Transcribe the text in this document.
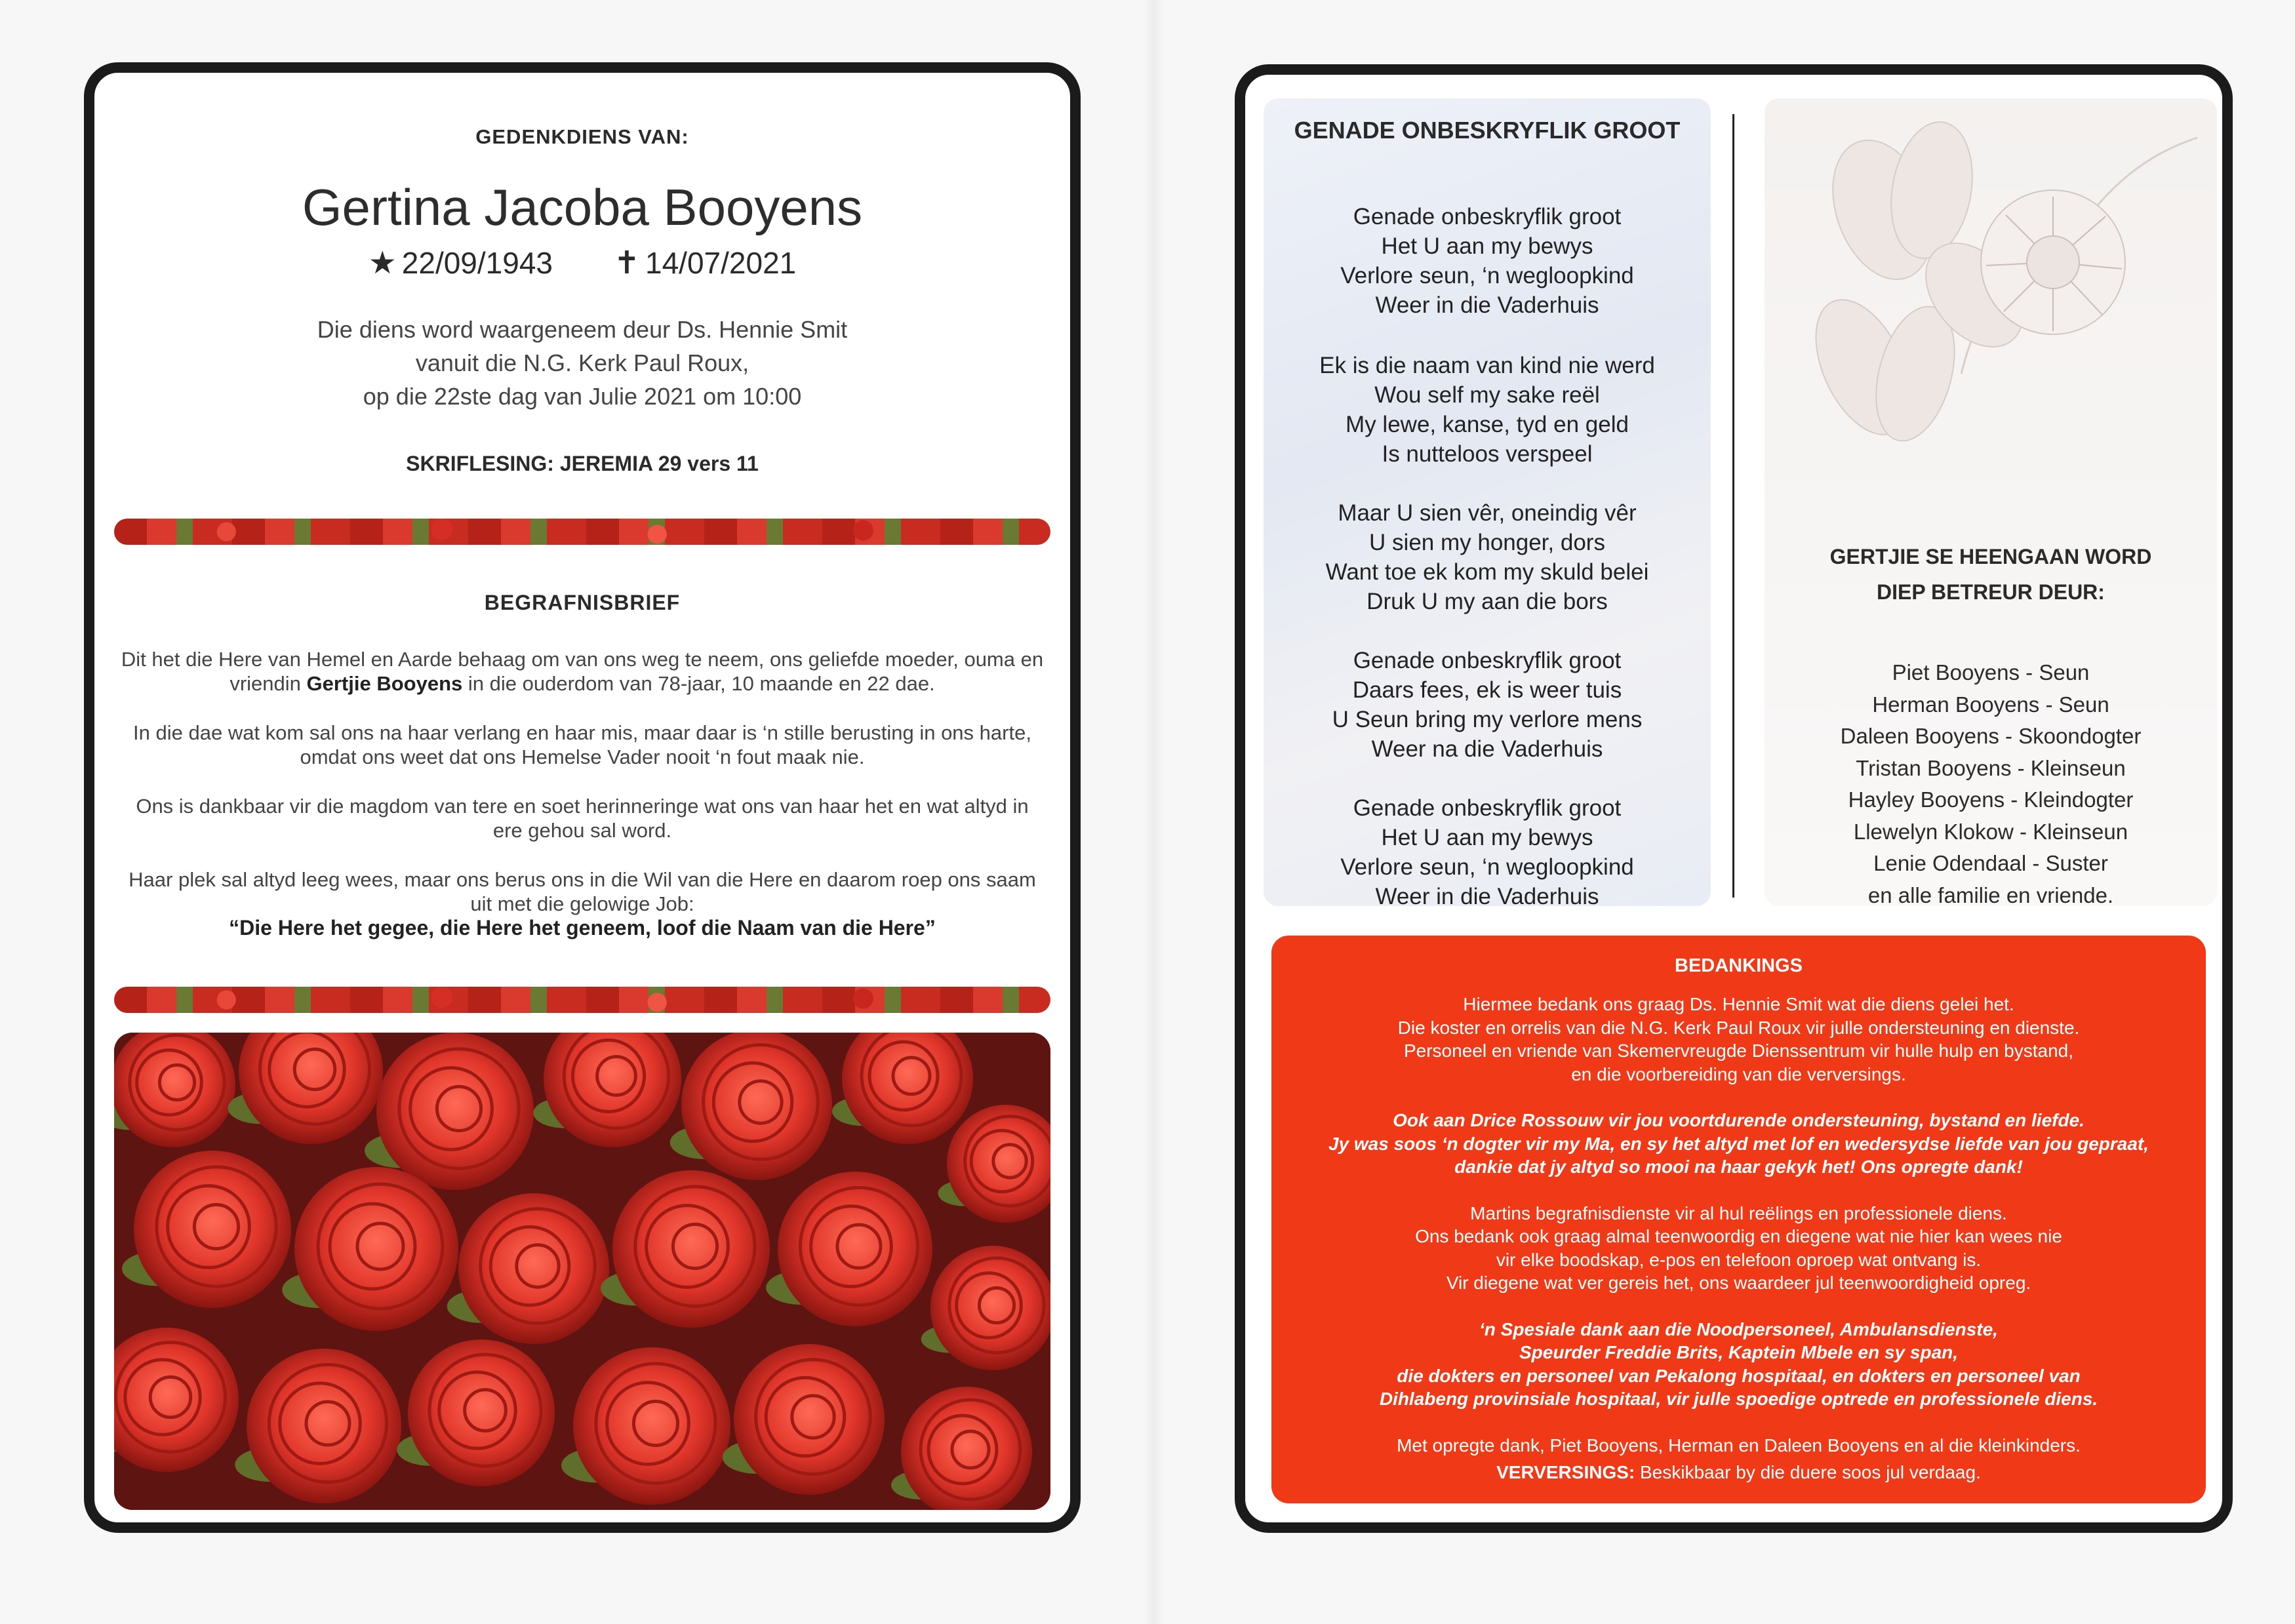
GEDENKDIENS VAN:
Gertina Jacoba Booyens
★ 22/09/1943 ✝ 14/07/2021
Die diens word waargeneem deur Ds. Hennie Smit
vanuit die N.G. Kerk Paul Roux,
op die 22ste dag van Julie 2021 om 10:00
SKRIFLESING: JEREMIA 29 vers 11
BEGRAFNISBRIEF

Dit het die Here van Hemel en Aarde behaag om van ons weg te neem, ons geliefde moeder, ouma en vriendin Gertjie Booyens in die ouderdom van 78-jaar, 10 maande en 22 dae.

In die dae wat kom sal ons na haar verlang en haar mis, maar daar is ‘n stille berusting in ons harte, omdat ons weet dat ons Hemelse Vader nooit ‘n fout maak nie.

Ons is dankbaar vir die magdom van tere en soet herinneringe wat ons van haar het en wat altyd in ere gehou sal word.

Haar plek sal altyd leeg wees, maar ons berus ons in die Wil van die Here en daarom roep ons saam uit met die gelowige Job:
“Die Here het gegee, die Here het geneem, loof die Naam van die Here”

GENADE ONBESKRYFLIK GROOT
Genade onbeskryflik groot
Het U aan my bewys
Verlore seun, ‘n wegloopkind
Weer in die Vaderhuis
Ek is die naam van kind nie werd
Wou self my sake reël
My lewe, kanse, tyd en geld
Is nutteloos verspeel
Maar U sien vêr, oneindig vêr
U sien my honger, dors
Want toe ek kom my skuld belei
Druk U my aan die bors
Genade onbeskryflik groot
Daars fees, ek is weer tuis
U Seun bring my verlore mens
Weer na die Vaderhuis
Genade onbeskryflik groot
Het U aan my bewys
Verlore seun, ‘n wegloopkind
Weer in die Vaderhuis
GERTJIE SE HEENGAAN WORD
DIEP BETREUR DEUR:
Piet Booyens - Seun
Herman Booyens - Seun
Daleen Booyens - Skoondogter
Tristan Booyens - Kleinseun
Hayley Booyens - Kleindogter
Llewelyn Klokow - Kleinseun
Lenie Odendaal - Suster
en alle familie en vriende.
BEDANKINGS

Hiermee bedank ons graag Ds. Hennie Smit wat die diens gelei het.
Die koster en orrelis van die N.G. Kerk Paul Roux vir julle ondersteuning en dienste.
Personeel en vriende van Skemervreugde Dienssentrum vir hulle hulp en bystand,
en die voorbereiding van die verversings.

Ook aan Drice Rossouw vir jou voortdurende ondersteuning, bystand en liefde.
Jy was soos ‘n dogter vir my Ma, en sy het altyd met lof en wedersydse liefde van jou gepraat,
dankie dat jy altyd so mooi na haar gekyk het! Ons opregte dank!

Martins begrafnisdienste vir al hul reëlings en professionele diens.
Ons bedank ook graag almal teenwoordig en diegene wat nie hier kan wees nie
vir elke boodskap, e-pos en telefoon oproep wat ontvang is.
Vir diegene wat ver gereis het, ons waardeer jul teenwoordigheid opreg.

‘n Spesiale dank aan die Noodpersoneel, Ambulansdienste,
Speurder Freddie Brits, Kaptein Mbele en sy span,
die dokters en personeel van Pekalong hospitaal, en dokters en personeel van
Dihlabeng provinsiale hospitaal, vir julle spoedige optrede en professionele diens.

Met opregte dank, Piet Booyens, Herman en Daleen Booyens en al die kleinkinders.

VERVERSINGS: Beskikbaar by die duere soos jul verdaag.
